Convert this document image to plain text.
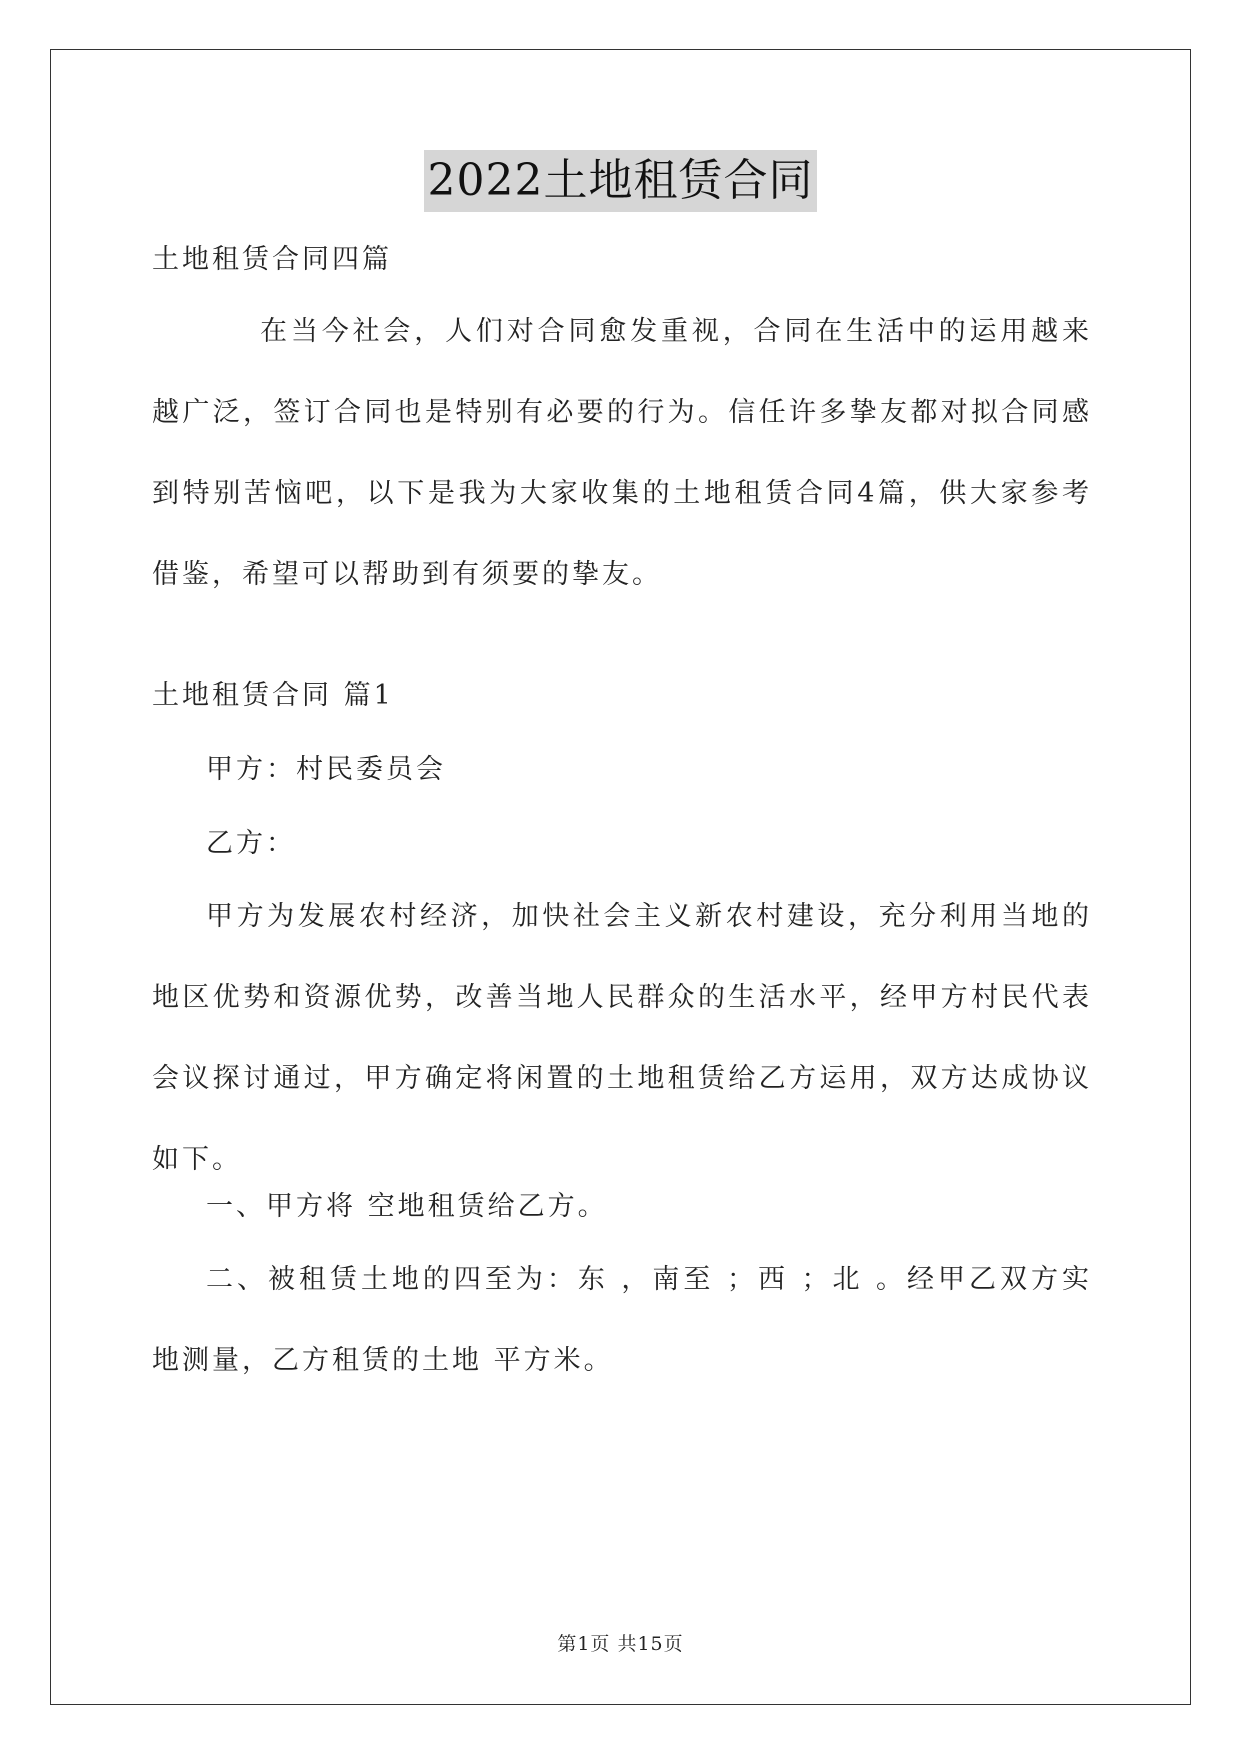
2022土地租赁合同

土地租赁合同四篇

在当今社会，人们对合同愈发重视，合同在生活中的运用越来越广泛，签订合同也是特别有必要的行为。信任许多挚友都对拟合同感到特别苦恼吧，以下是我为大家收集的土地租赁合同4篇，供大家参考借鉴，希望可以帮助到有须要的挚友。

土地租赁合同 篇1

甲方：村民委员会

乙方：

甲方为发展农村经济，加快社会主义新农村建设，充分利用当地的地区优势和资源优势，改善当地人民群众的生活水平，经甲方村民代表会议探讨通过，甲方确定将闲置的土地租赁给乙方运用，双方达成协议如下。

一、甲方将 空地租赁给乙方。

二、被租赁土地的四至为：东 ，南至 ；西 ；北 。经甲乙双方实地测量，乙方租赁的土地 平方米。

第1页 共15页
